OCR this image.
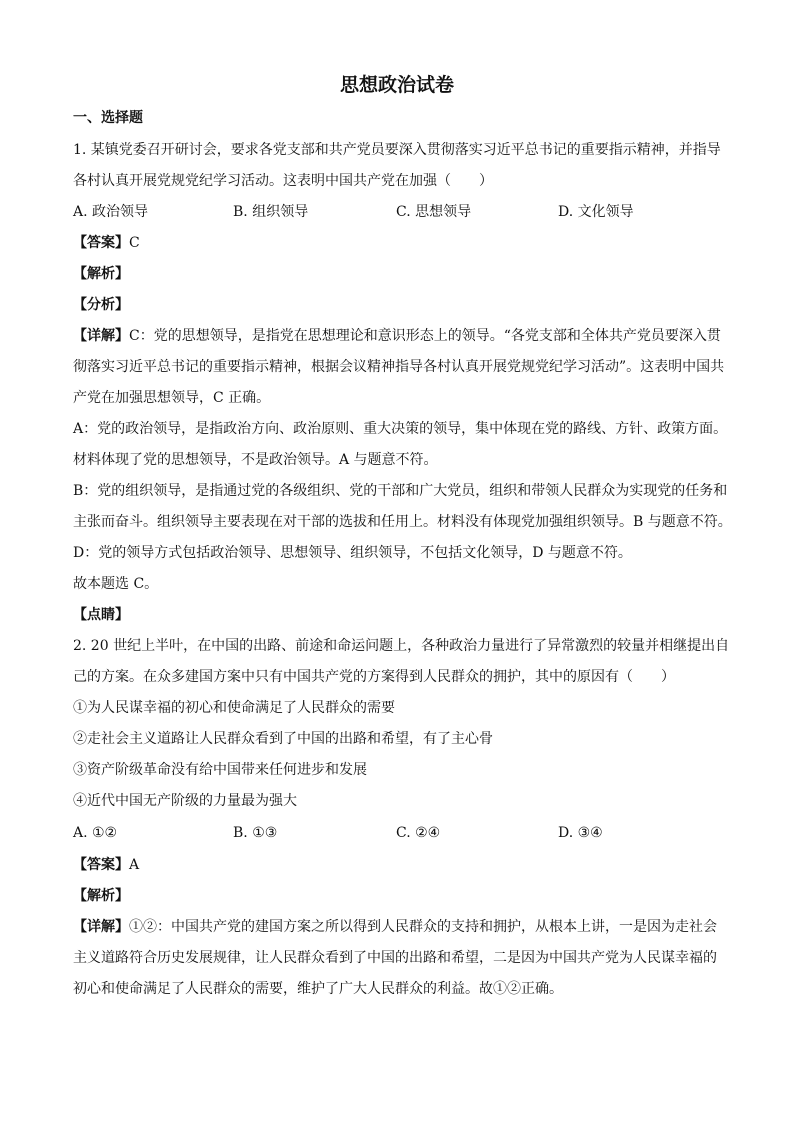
思想政治试卷
一、选择题
1. 某镇党委召开研讨会，要求各党支部和共产党员要深入贯彻落实习近平总书记的重要指示精神，并指导
各村认真开展党规党纪学习活动。这表明中国共产党在加强（　　）
A. 政治领导	B. 组织领导	C. 思想领导	D. 文化领导
【答案】C
【解析】
【分析】
【详解】C：党的思想领导，是指党在思想理论和意识形态上的领导。“各党支部和全体共产党员要深入贯
彻落实习近平总书记的重要指示精神，根据会议精神指导各村认真开展党规党纪学习活动”。这表明中国共
产党在加强思想领导，C 正确。
A：党的政治领导，是指政治方向、政治原则、重大决策的领导，集中体现在党的路线、方针、政策方面。
材料体现了党的思想领导，不是政治领导。A 与题意不符。
B：党的组织领导，是指通过党的各级组织、党的干部和广大党员，组织和带领人民群众为实现党的任务和
主张而奋斗。组织领导主要表现在对干部的选拔和任用上。材料没有体现党加强组织领导。B 与题意不符。
D：党的领导方式包括政治领导、思想领导、组织领导，不包括文化领导，D 与题意不符。
故本题选 C。
【点睛】
2. 20 世纪上半叶，在中国的出路、前途和命运问题上，各种政治力量进行了异常激烈的较量并相继提出自
己的方案。在众多建国方案中只有中国共产党的方案得到人民群众的拥护，其中的原因有（　　）
①为人民谋幸福的初心和使命满足了人民群众的需要
②走社会主义道路让人民群众看到了中国的出路和希望，有了主心骨
③资产阶级革命没有给中国带来任何进步和发展
④近代中国无产阶级的力量最为强大
A. ①②	B. ①③	C. ②④	D. ③④
【答案】A
【解析】
【详解】①②：中国共产党的建国方案之所以得到人民群众的支持和拥护，从根本上讲，一是因为走社会
主义道路符合历史发展规律，让人民群众看到了中国的出路和希望，二是因为中国共产党为人民谋幸福的
初心和使命满足了人民群众的需要，维护了广大人民群众的利益。故①②正确。
